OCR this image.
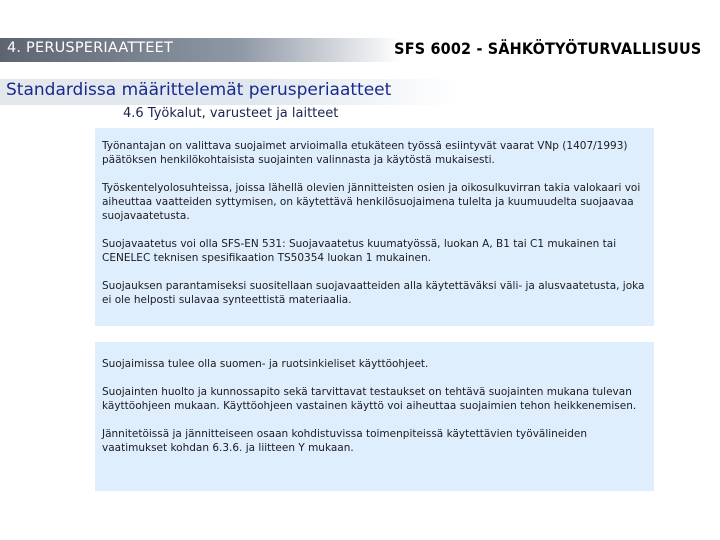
4. PERUSPERIAATTEET	SFS 6002 - SÄHKÖTYÖTURVALLISUUS
Standardissa määrittelemät perusperiaatteet
4.6 Työkalut, varusteet ja laitteet

Työnantajan on valittava suojaimet arvioimalla etukäteen työssä esiintyvät vaarat VNp (1407/1993) päätöksen henkilökohtaisista suojainten valinnasta ja käytöstä mukaisesti.

Työskentelyolosuhteissa, joissa lähellä olevien jännitteisten osien ja oikosulkuvirran takia valokaari voi aiheuttaa vaatteiden syttymisen, on käytettävä henkilösuojaimena tulelta ja kuumuudelta suojaavaa suojavaatetusta.

Suojavaatetus voi olla SFS-EN 531: Suojavaatetus kuumatyössä, luokan A, B1 tai C1 mukainen tai CENELEC teknisen spesifikaation TS50354 luokan 1 mukainen.

Suojauksen parantamiseksi suositellaan suojavaatteiden alla käytettäväksi väli- ja alusvaatetusta, joka ei ole helposti sulavaa synteettistä materiaalia.

Suojaimissa tulee olla suomen- ja ruotsinkieliset käyttöohjeet.

Suojainten huolto ja kunnossapito sekä tarvittavat testaukset on tehtävä suojainten mukana tulevan käyttöohjeen mukaan. Käyttöohjeen vastainen käyttö voi aiheuttaa suojaimien tehon heikkenemisen.

Jännitetöissä ja jännitteiseen osaan kohdistuvissa toimenpiteissä käytettävien työvälineiden vaatimukset kohdan 6.3.6. ja liitteen Y mukaan.
